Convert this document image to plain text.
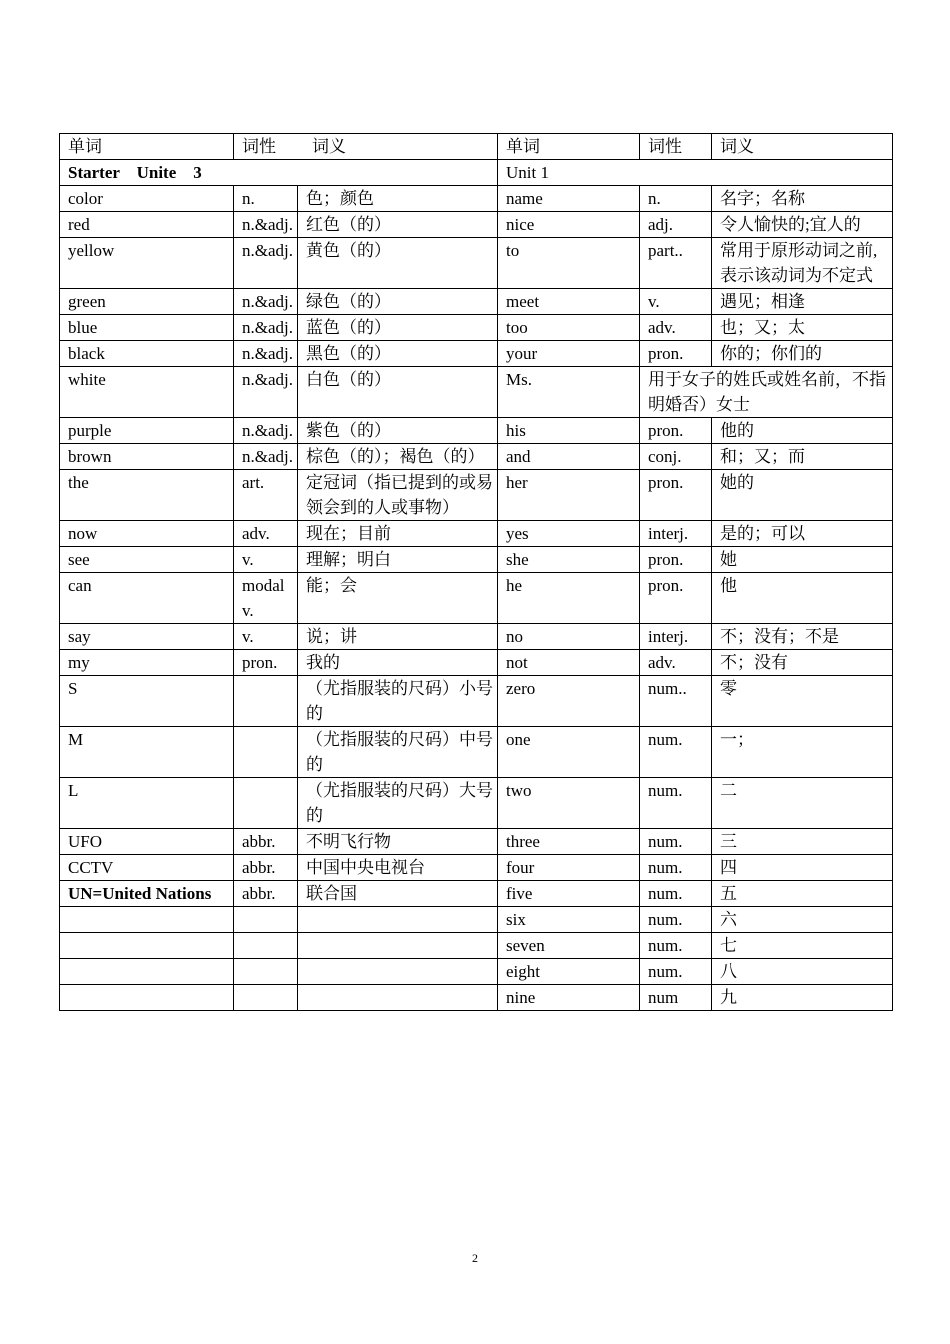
单词	词性 词义		单词	词性	词义
Starter　Unite　3			Unit 1		
color	n.	色；颜色	name	n.	名字；名称
red	n.&adj.	红色（的）	nice	adj.	令人愉快的;宜人的
yellow	n.&adj.	黄色（的）	to	part..	常用于原形动词之前,表示该动词为不定式
green	n.&adj.	绿色（的）	meet	v.	遇见；相逢
blue	n.&adj.	蓝色（的）	too	adv.	也；又；太
black	n.&adj.	黑色（的）	your	pron.	你的；你们的
white	n.&adj.	白色（的）	Ms.	用于女子的姓氏或姓名前，不指明婚否）女士	
purple	n.&adj.	紫色（的）	his	pron.	他的
brown	n.&adj.	棕色（的）；褐色（的）	and	conj.	和；又；而
the	art.	定冠词（指已提到的或易领会到的人或事物）	her	pron.	她的
now	adv.	现在；目前	yes	interj.	是的；可以
see	v.	理解；明白	she	pron.	她
can	modal v.	能；会	he	pron.	他
say	v.	说；讲	no	interj.	不；没有；不是
my	pron.	我的	not	adv.	不；没有
S		（尤指服装的尺码）小号的	zero	num..	零
M		（尤指服装的尺码）中号的	one	num.	一；
L		（尤指服装的尺码）大号的	two	num.	二
UFO	abbr.	不明飞行物	three	num.	三
CCTV	abbr.	中国中央电视台	four	num.	四
UN=United Nations	abbr.	联合国	five	num.	五
			six	num.	六
			seven	num.	七
			eight	num.	八
			nine	num	九
2
